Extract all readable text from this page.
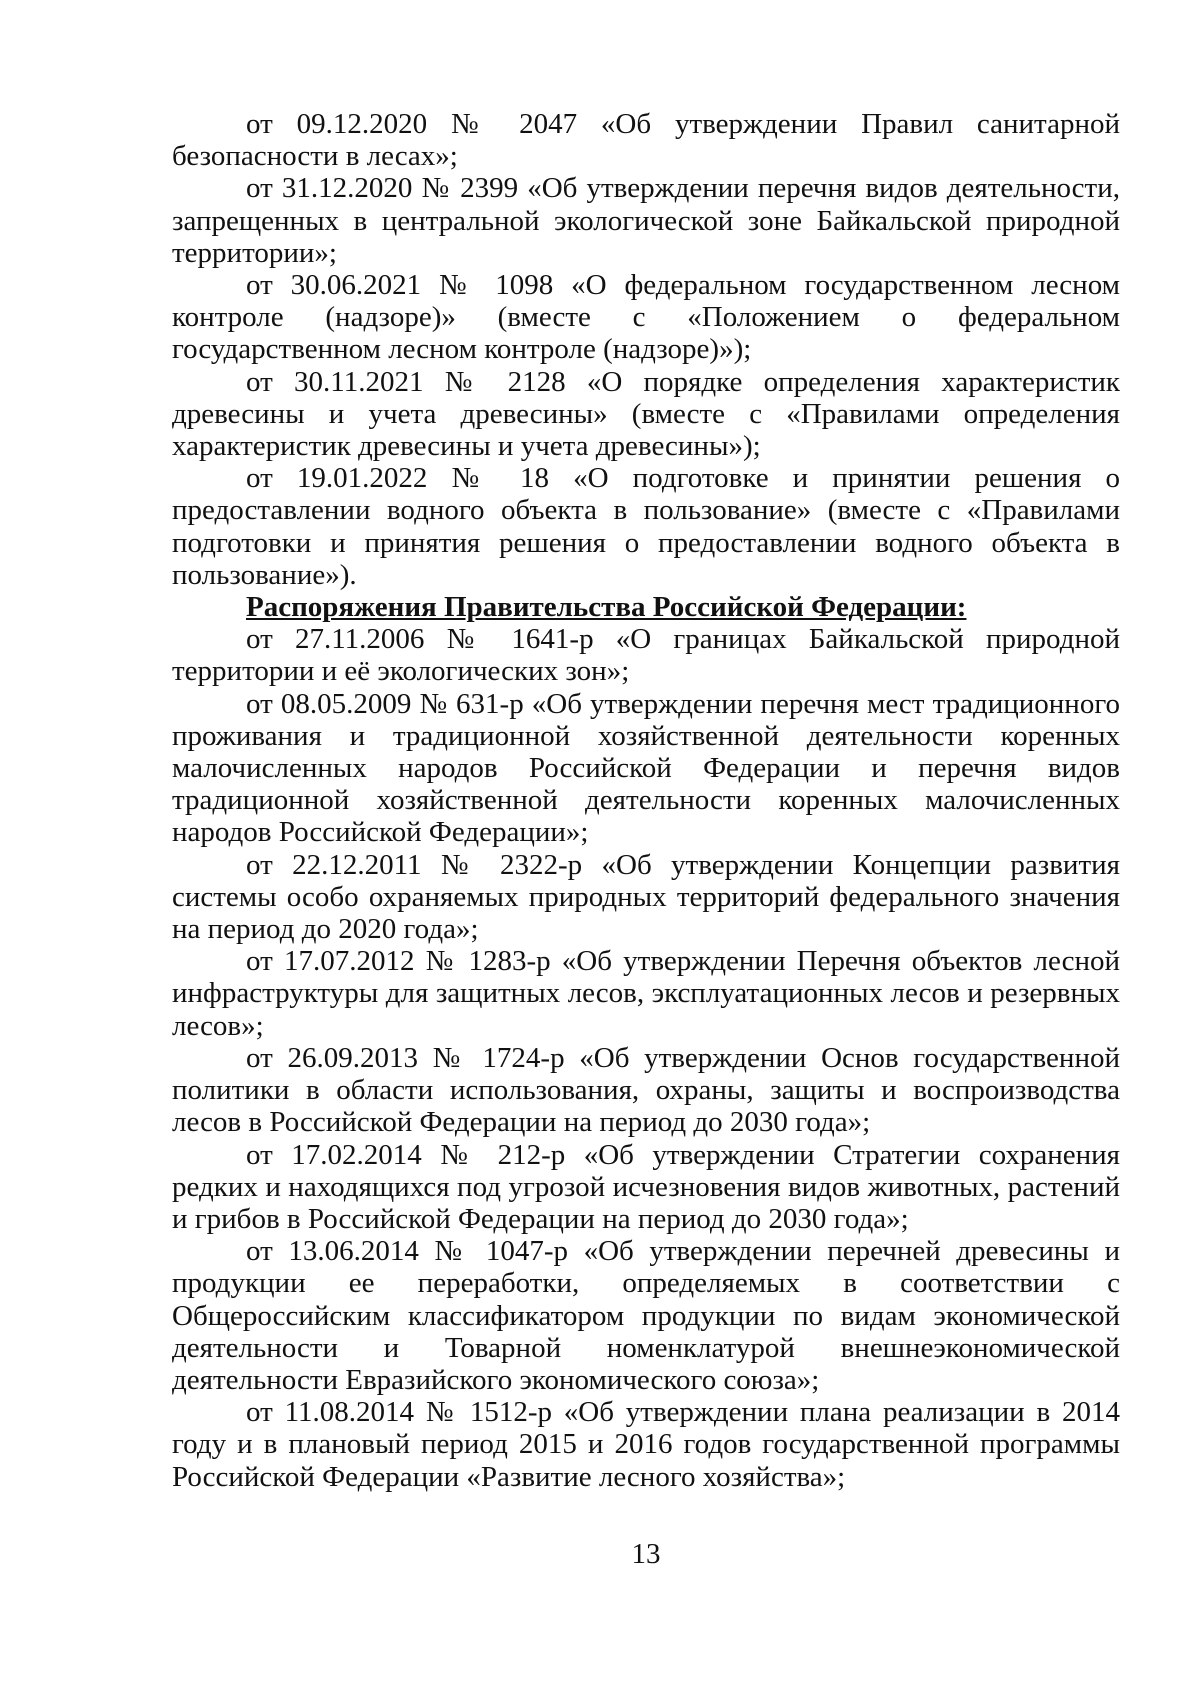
от 09.12.2020 № 2047 «Об утверждении Правил санитарной безопасности в лесах»;

от 31.12.2020 № 2399 «Об утверждении перечня видов деятельности, запрещенных в центральной экологической зоне Байкальской природной территории»;

от 30.06.2021 № 1098 «О федеральном государственном лесном контроле (надзоре)» (вместе с «Положением о федеральном государственном лесном контроле (надзоре)»);

от 30.11.2021 № 2128 «О порядке определения характеристик древесины и учета древесины» (вместе с «Правилами определения характеристик древесины и учета древесины»);

от 19.01.2022 № 18 «О подготовке и принятии решения о предоставлении водного объекта в пользование» (вместе с «Правилами подготовки и принятия решения о предоставлении водного объекта в пользование»).

Распоряжения Правительства Российской Федерации:

от 27.11.2006 № 1641-р «О границах Байкальской природной территории и её экологических зон»;

от 08.05.2009 № 631-р «Об утверждении перечня мест традиционного проживания и традиционной хозяйственной деятельности коренных малочисленных народов Российской Федерации и перечня видов традиционной хозяйственной деятельности коренных малочисленных народов Российской Федерации»;

от 22.12.2011 № 2322-р «Об утверждении Концепции развития системы особо охраняемых природных территорий федерального значения на период до 2020 года»;

от 17.07.2012 № 1283-р «Об утверждении Перечня объектов лесной инфраструктуры для защитных лесов, эксплуатационных лесов и резервных лесов»;

от 26.09.2013 № 1724-р «Об утверждении Основ государственной политики в области использования, охраны, защиты и воспроизводства лесов в Российской Федерации на период до 2030 года»;

от 17.02.2014 № 212-р «Об утверждении Стратегии сохранения редких и находящихся под угрозой исчезновения видов животных, растений и грибов в Российской Федерации на период до 2030 года»;

от 13.06.2014 № 1047-р «Об утверждении перечней древесины и продукции ее переработки, определяемых в соответствии с Общероссийским классификатором продукции по видам экономической деятельности и Товарной номенклатурой внешнеэкономической деятельности Евразийского экономического союза»;

от 11.08.2014 № 1512-р «Об утверждении плана реализации в 2014 году и в плановый период 2015 и 2016 годов государственной программы Российской Федерации «Развитие лесного хозяйства»;

13
